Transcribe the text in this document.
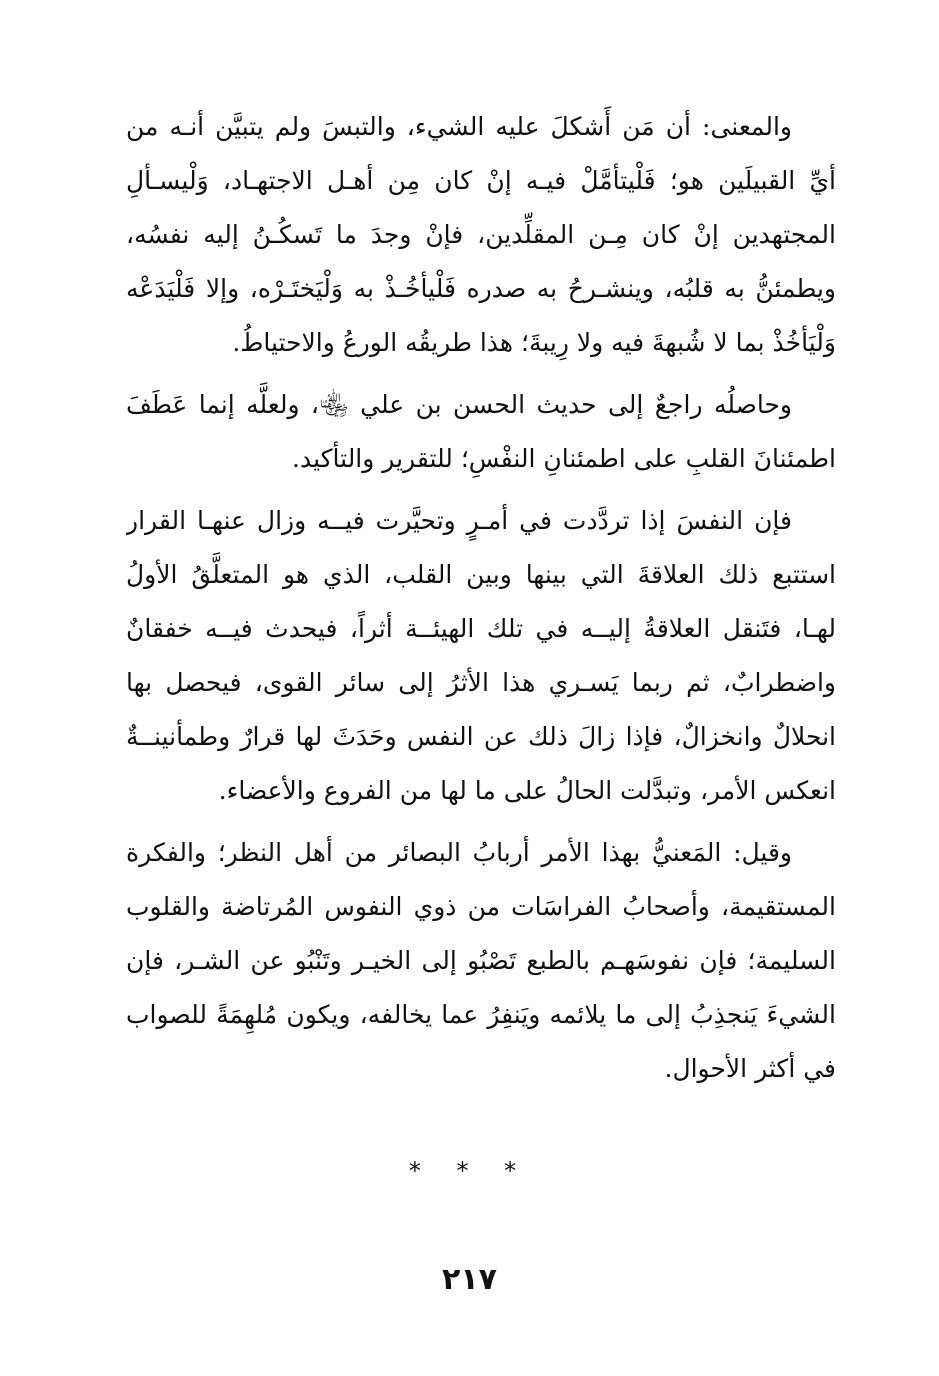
والمعنى: أن مَن أَشكلَ عليه الشيء، والتبسَ ولم يتبيَّن أنـه من
أيِّ القبيلَين هو؛ فَلْيتأمَّلْ فيـه إنْ كان مِن أهـل الاجتهـاد، وَلْيسـألِ
المجتهدين إنْ كان مِـن المقلِّدين، فإنْ وجدَ ما تَسكُـنُ إليه نفسُه،
ويطمئنُّ به قلبُه، وينشـرحُ به صدره فَلْيأخُـذْ به وَلْيَختَـرْه، وإلا فَلْيَدَعْه
وَلْيَأخُذْ بما لا شُبهةَ فيه ولا رِيبةَ؛ هذا طريقُه الورعُ والاحتياطُ.

وحاصلُه راجعٌ إلى حديث الحسن بن علي ﵄، ولعلَّه إنما عَطَفَ
اطمئنانَ القلبِ على اطمئنانِ النفْسِ؛ للتقرير والتأكيد.

فإن النفسَ إذا تردَّدت في أمـرٍ وتحيَّرت فيــه وزال عنهـا القرار
استتبع ذلك العلاقةَ التي بينها وبين القلب، الذي هو المتعلَّقُ الأولُ
لهـا، فتَنقل العلاقةُ إليــه في تلك الهيئــة أثراً، فيحدث فيــه خفقانٌ
واضطرابٌ، ثم ربما يَسـري هذا الأثرُ إلى سائر القوى، فيحصل بها
انحلالٌ وانخزالٌ، فإذا زالَ ذلك عن النفس وحَدَثَ لها قرارٌ وطمأنينــةٌ
انعكس الأمر، وتبدَّلت الحالُ على ما لها من الفروع والأعضاء.

وقيل: المَعنيُّ بهذا الأمر أربابُ البصائر من أهل النظر؛ والفكرة
المستقيمة، وأصحابُ الفراسَات من ذوي النفوس المُرتاضة والقلوب
السليمة؛ فإن نفوسَهـم بالطبع تَصْبُو إلى الخيـر وتَنْبُو عن الشـر، فإن
الشيءَ يَنجذِبُ إلى ما يلائمه ويَنفِرُ عما يخالفه، ويكون مُلهِمَةً للصواب
في أكثر الأحوال.

* * *
٢١٧
